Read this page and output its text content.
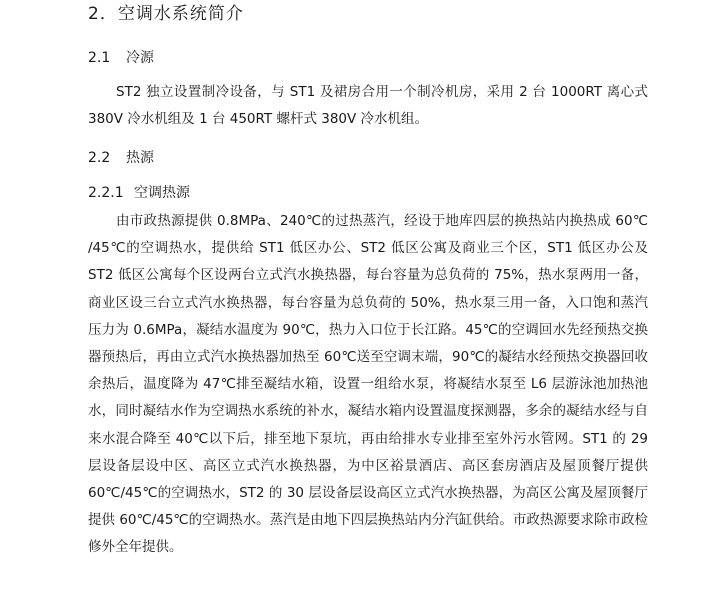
2．空调水系统简介
2.1 冷源

ST2 独立设置制冷设备，与 ST1 及裙房合用一个制冷机房，采用 2 台 1000RT 离心式 380V 冷水机组及 1 台 450RT 螺杆式 380V 冷水机组。

2.2 热源
2.2.1 空调热源

由市政热源提供 0.8MPa、240℃的过热蒸汽，经设于地库四层的换热站内换热成 60℃ /45℃的空调热水，提供给 ST1 低区办公、ST2 低区公寓及商业三个区，ST1 低区办公及 ST2 低区公寓每个区设两台立式汽水换热器，每台容量为总负荷的 75%，热水泵两用一备，商业区设三台立式汽水换热器，每台容量为总负荷的 50%，热水泵三用一备，入口饱和蒸汽压力为 0.6MPa，凝结水温度为 90℃，热力入口位于长江路。45℃的空调回水先经预热交换器预热后，再由立式汽水换热器加热至 60℃送至空调末端，90℃的凝结水经预热交换器回收余热后，温度降为 47℃排至凝结水箱，设置一组给水泵，将凝结水泵至 L6 层游泳池加热池水，同时凝结水作为空调热水系统的补水，凝结水箱内设置温度探测器，多余的凝结水经与自来水混合降至 40℃以下后，排至地下泵坑，再由给排水专业排至室外污水管网。ST1 的 29 层设备层设中区、高区立式汽水换热器，为中区裕景酒店、高区套房酒店及屋顶餐厅提供 60℃/45℃的空调热水，ST2 的 30 层设备层设高区立式汽水换热器，为高区公寓及屋顶餐厅提供 60℃/45℃的空调热水。蒸汽是由地下四层换热站内分汽缸供给。市政热源要求除市政检修外全年提供。
